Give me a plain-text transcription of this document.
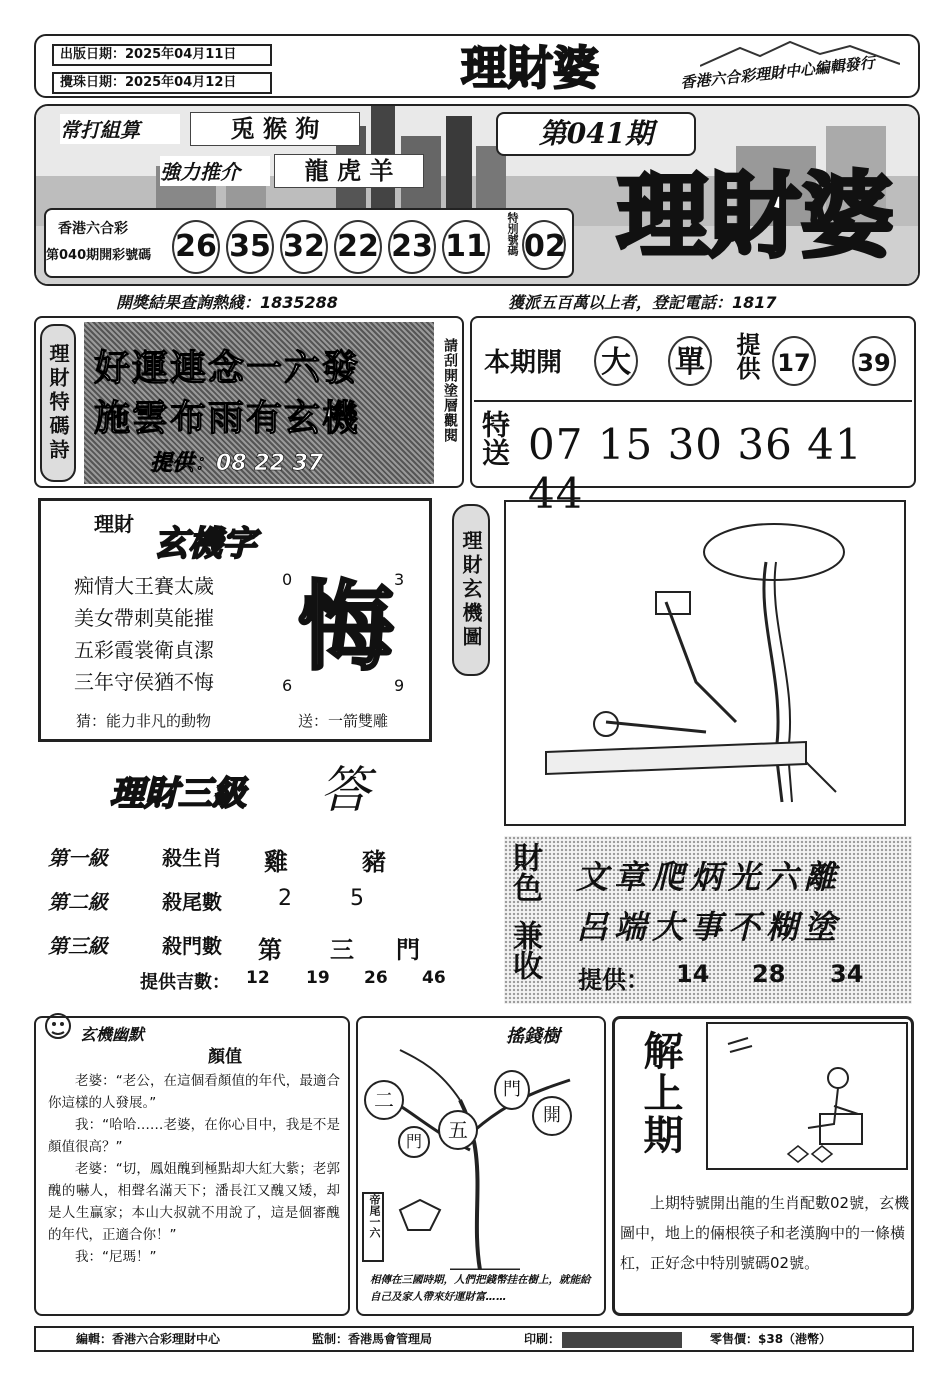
出版日期：2025年04月11日
攪珠日期：2025年04月12日	理財婆	香港六合彩理財中心編輯發行
常打組算	兎 猴 狗
強力推介	龍 虎 羊
第041期
理財婆
香港六合彩
第040期開彩號碼 26 35 32 22 23 11	特別號碼 02
開獎結果查詢熱綫：1835288	獲派五百萬以上者，登記電話：1817
理財特碼詩 好運連念一六發
施雲布雨有玄機
提供：08 22 37
請刮開塗層觀閱 本期開	大 單 提供 17 39
特送 07 15 30 36 41 44
理財 玄機字
痴情大王賽太歲
美女帶刺莫能摧
五彩霞裳衛貞潔
三年守侯猶不悔
0	3
6	9
悔
猜：能力非凡的動物	送：一箭雙雕
理財玄機圖
理財三級	答
第一級	殺生肖 雞	豬
第二級	殺尾數	2	5
第三級	殺門數 第 三 門
提供吉數： 12	19	26	46
財色
兼收
文章爬炳光六離
呂端大事不糊塗
提供：	14	28	34
玄機幽默
顏值

老婆：“老公，在這個看顏值的年代，最適合你這樣的人發展。”

我：“哈哈……老婆，在你心目中，我是不是顏值很高？”

老婆：“切，鳳姐醜到極點却大紅大紫；老郭醜的嚇人，相聲名滿天下；潘長江又醜又矮，却是人生贏家；本山大叔就不用說了，這是個審醜的年代，正適合你！”

我：“尼瑪！”

搖錢樹
二
門	五
門
開
帝尾一六
相傳在三國時期，人們把錢幣挂在樹上，就能給自己及家人帶來好運財富……
解上期
上期特號開出龍的生肖配數02號，玄機圖中，地上的倆根筷子和老漢胸中的一條橫杠，正好念中特別號碼02號。
編輯：香港六合彩理財中心	監制：香港馬會管理局	印刷：	零售價：$38（港幣）
